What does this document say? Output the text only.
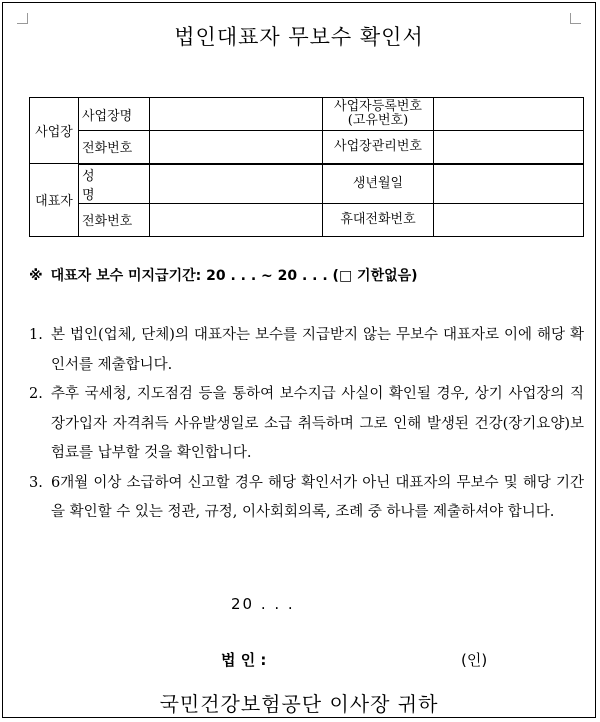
법인대표자 무보수 확인서
사업장	사업장명		사업자등록번호
(고유번호)	

	전화번호		사업장관리번호	
대표자	성 명		생년월일	
	전화번호		휴대전화번호	
※ 대표자 보수 미지급기간: 20 . . . ~ 20 . . . (□ 기한없음)
1. 본 법인(업체, 단체)의 대표자는 보수를 지급받지 않는 무보수 대표자로 이에 해당 확인서를 제출합니다.
2. 추후 국세청, 지도점검 등을 통하여 보수지급 사실이 확인될 경우, 상기 사업장의 직장가입자 자격취득 사유발생일로 소급 취득하며 그로 인해 발생된 건강(장기요양)보험료를 납부할 것을 확인합니다.
3. 6개월 이상 소급하여 신고할 경우 해당 확인서가 아닌 대표자의 무보수 및 해당 기간을 확인할 수 있는 정관, 규정, 이사회회의록, 조례 중 하나를 제출하셔야 합니다.
20 . . .
법 인 :	(인)
국민건강보험공단 이사장 귀하
